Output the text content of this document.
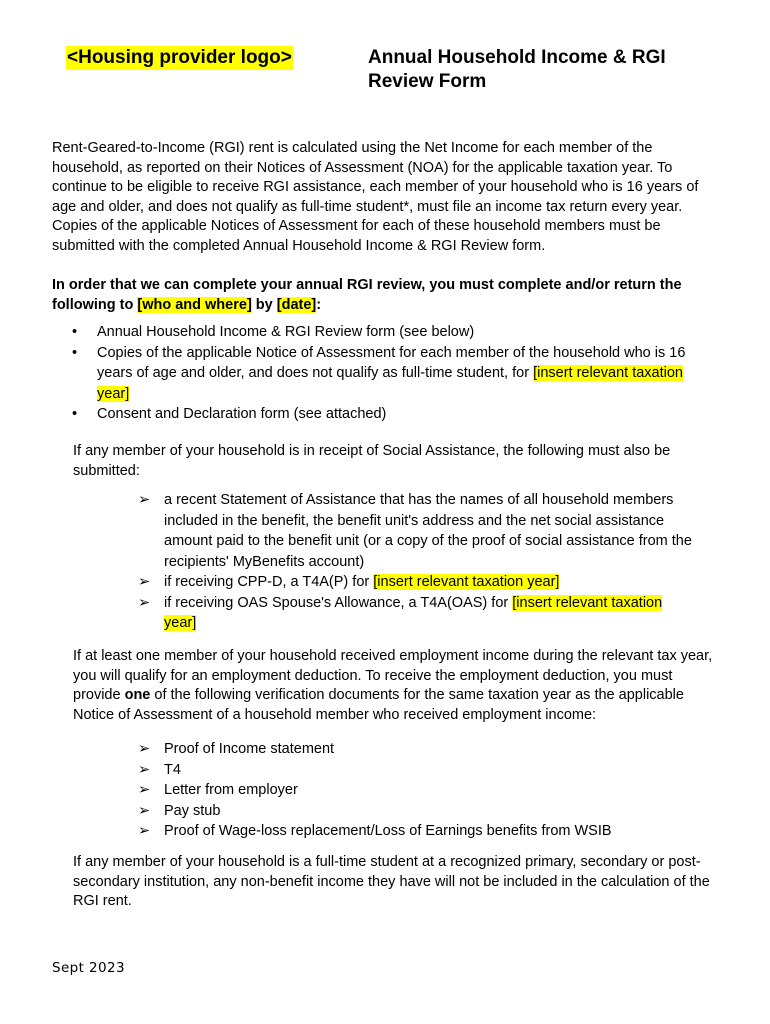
<Housing provider logo>	Annual Household Income & RGI Review Form

Rent-Geared-to-Income (RGI) rent is calculated using the Net Income for each member of the household, as reported on their Notices of Assessment (NOA) for the applicable taxation year. To continue to be eligible to receive RGI assistance, each member of your household who is 16 years of age and older, and does not qualify as full-time student*, must file an income tax return every year. Copies of the applicable Notices of Assessment for each of these household members must be submitted with the completed Annual Household Income & RGI Review form.

In order that we can complete your annual RGI review, you must complete and/or return the following to [who and where] by [date]:

• Annual Household Income & RGI Review form (see below)
• Copies of the applicable Notice of Assessment for each member of the household who is 16
years of age and older, and does not qualify as full-time student, for [insert relevant taxation
year]
• Consent and Declaration form (see attached)

If any member of your household is in receipt of Social Assistance, the following must also be submitted:

➢ a recent Statement of Assistance that has the names of all household members included in the benefit, the benefit unit's address and the net social assistance amount paid to the benefit unit (or a copy of the proof of social assistance from the recipients' MyBenefits account)
➢ if receiving CPP-D, a T4A(P) for [insert relevant taxation year]
➢ if receiving OAS Spouse's Allowance, a T4A(OAS) for [insert relevant taxation
year]

If at least one member of your household received employment income during the relevant tax year, you will qualify for an employment deduction. To receive the employment deduction, you must provide one of the following verification documents for the same taxation year as the applicable Notice of Assessment of a household member who received employment income:

➢ Proof of Income statement
➢ T4
➢ Letter from employer
➢ Pay stub
➢ Proof of Wage-loss replacement/Loss of Earnings benefits from WSIB

If any member of your household is a full-time student at a recognized primary, secondary or post-secondary institution, any non-benefit income they have will not be included in the calculation of the RGI rent.

Sept 2023
